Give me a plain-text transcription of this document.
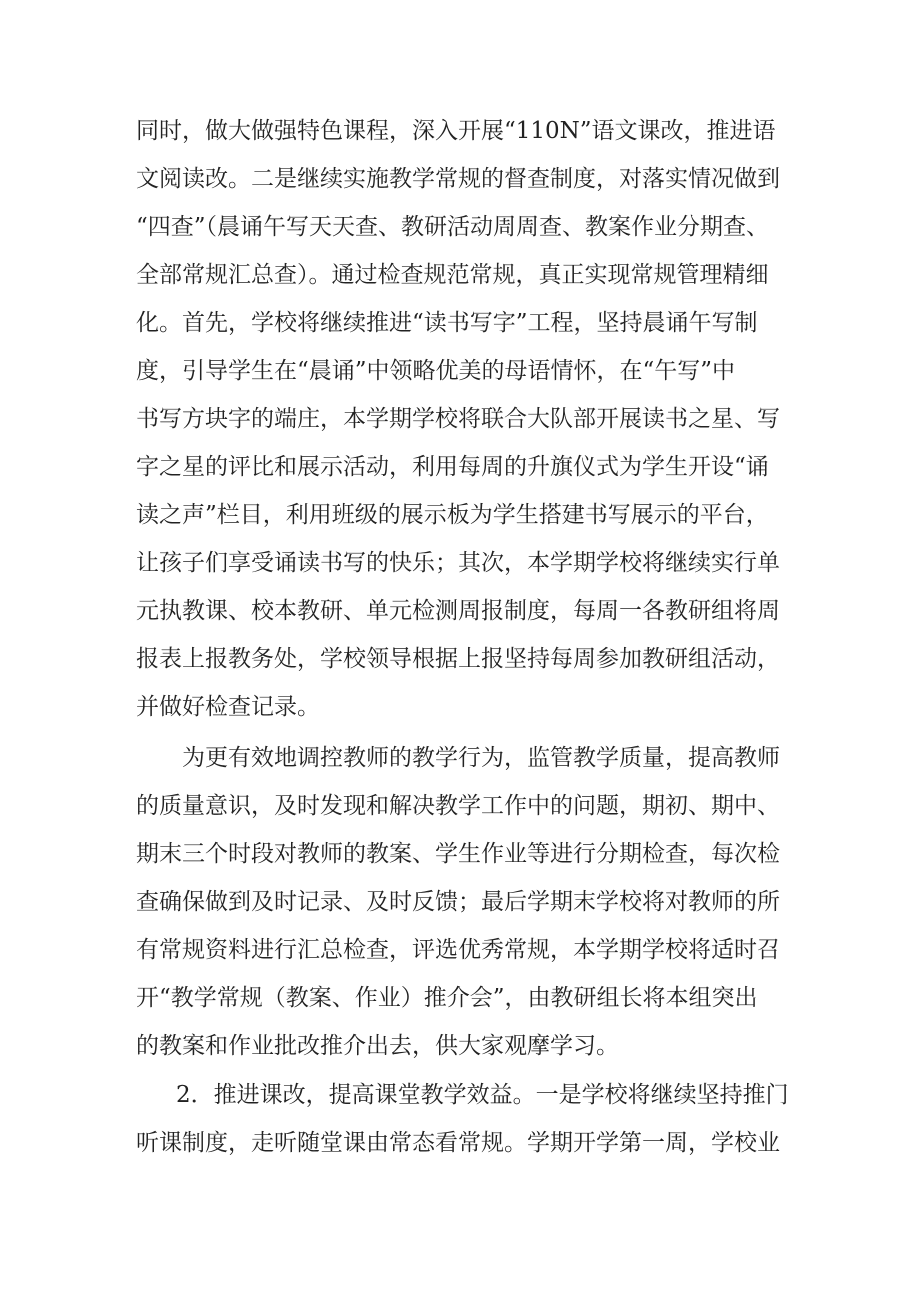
同时，做大做强特色课程，深入开展“110N”语文课改，推进语
文阅读改。二是继续实施教学常规的督查制度，对落实情况做到
“四查”（晨诵午写天天查、教研活动周周查、教案作业分期查、
全部常规汇总查）。通过检查规范常规，真正实现常规管理精细
化。首先，学校将继续推进“读书写字”工程，坚持晨诵午写制
度，引导学生在“晨诵”中领略优美的母语情怀，在“午写”中
书写方块字的端庄，本学期学校将联合大队部开展读书之星、写
字之星的评比和展示活动，利用每周的升旗仪式为学生开设“诵
读之声”栏目，利用班级的展示板为学生搭建书写展示的平台，
让孩子们享受诵读书写的快乐；其次，本学期学校将继续实行单
元执教课、校本教研、单元检测周报制度，每周一各教研组将周
报表上报教务处，学校领导根据上报坚持每周参加教研组活动，
并做好检查记录。
为更有效地调控教师的教学行为，监管教学质量，提高教师
的质量意识，及时发现和解决教学工作中的问题，期初、期中、
期末三个时段对教师的教案、学生作业等进行分期检查，每次检
查确保做到及时记录、及时反馈；最后学期末学校将对教师的所
有常规资料进行汇总检查，评选优秀常规，本学期学校将适时召
开“教学常规（教案、作业）推介会”，由教研组长将本组突出
的教案和作业批改推介出去，供大家观摩学习。
2．推进课改，提高课堂教学效益。一是学校将继续坚持推门
听课制度，走听随堂课由常态看常规。学期开学第一周，学校业
